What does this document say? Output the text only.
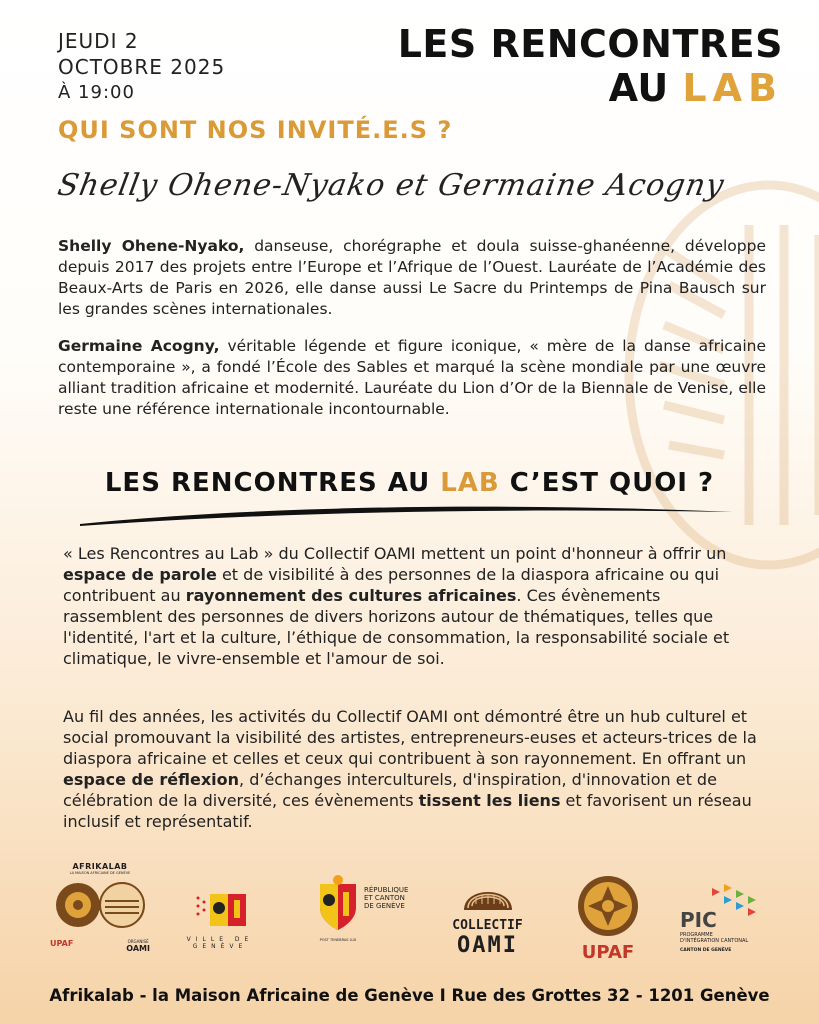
JEUDI 2
OCTOBRE 2025
À 19:00
LES RENCONTRES
AU LAB
QUI SONT NOS INVITÉ.E.S ?
Shelly Ohene-Nyako et Germaine Acogny
Shelly Ohene-Nyako, danseuse, chorégraphe et doula suisse-ghanéenne, développe depuis 2017 des projets entre l’Europe et l’Afrique de l’Ouest. Lauréate de l’Académie des Beaux-Arts de Paris en 2026, elle danse aussi Le Sacre du Printemps de Pina Bausch sur les grandes scènes internationales.
Germaine Acogny, véritable légende et figure iconique, « mère de la danse africaine contemporaine », a fondé l’École des Sables et marqué la scène mondiale par une œuvre alliant tradition africaine et modernité. Lauréate du Lion d’Or de la Biennale de Venise, elle reste une référence internationale incontournable.
LES RENCONTRES AU LAB C’EST QUOI ?
« Les Rencontres au Lab » du Collectif OAMI mettent un point d'honneur à offrir un espace de parole et de visibilité à des personnes de la diaspora africaine ou qui contribuent au rayonnement des cultures africaines. Ces évènements rassemblent des personnes de divers horizons autour de thématiques, telles que l'identité, l'art et la culture, l’éthique de consommation, la responsabilité sociale et climatique, le vivre-ensemble et l'amour de soi.
Au fil des années, les activités du Collectif OAMI ont démontré être un hub culturel et social promouvant la visibilité des artistes, entrepreneurs-euses et acteurs-trices de la diaspora africaine et celles et ceux qui contribuent à son rayonnement. En offrant un espace de réflexion, d’échanges interculturels, d'inspiration, d'innovation et de célébration de la diversité, ces évènements tissent les liens et favorisent un réseau inclusif et représentatif.
AFRIKALAB
LA MAISON AFRICAINE DE GENÈVE
UPAF	ORGANISÉ
OAMI
VILLE DE
GENÈVE
POST TENEBRAS LUX
RÉPUBLIQUE
ET CANTON
DE GENÈVE
COLLECTIF
OAMI	UPAF
PIC
PROGRAMME
D'INTÉGRATION CANTONAL
CANTON DE GENÈVE
Afrikalab - la Maison Africaine de Genève I Rue des Grottes 32 - 1201 Genève
